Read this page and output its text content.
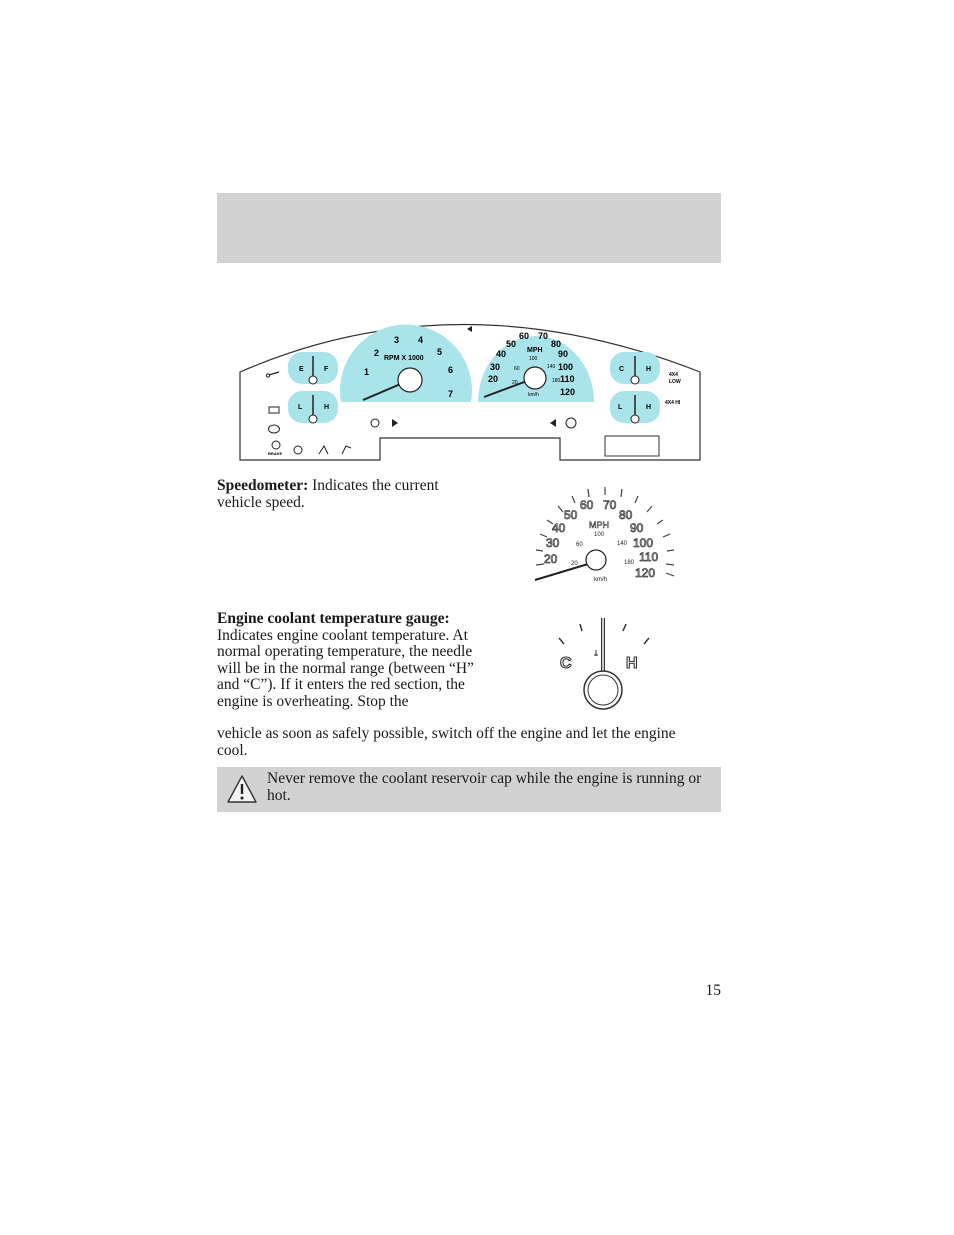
E	F
L	H
RPM X 1000
1
2
3 4
5
6
7
MPH
20
30
40
50
60 70
80
90
100
110
120
20
60
100
140
180
km/h
C	H
L	H
4X4
LOW
4X4 HI
BRAKE

Speedometer: Indicates the current vehicle speed.

20
30
40
50
60 70
80
90
100
110
120
MPH
20
60
100
140
180
km/h

Engine coolant temperature gauge: Indicates engine coolant temperature. At normal operating temperature, the needle will be in the normal range (between “H” and “C”). If it enters the red section, the engine is overheating. Stop the

C	H

vehicle as soon as safely possible, switch off the engine and let the engine cool.

Never remove the coolant reservoir cap while the engine is running or hot.

15
